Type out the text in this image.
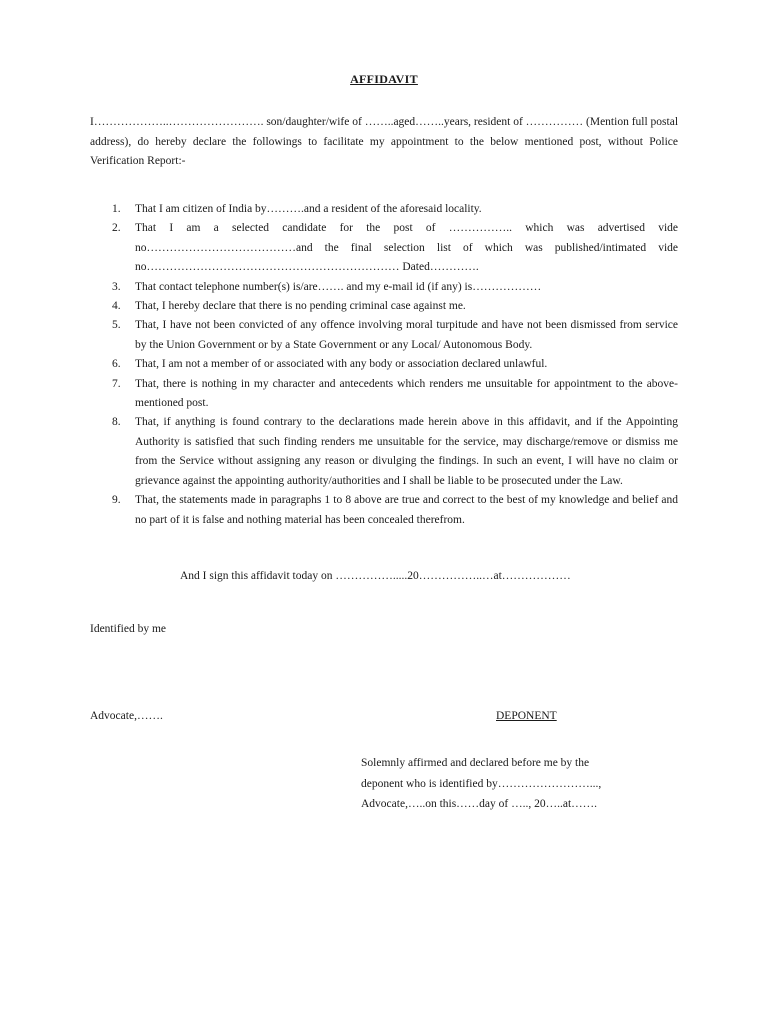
AFFIDAVIT
I………………..……………………. son/daughter/wife of ……..aged……..years, resident of …………… (Mention full postal address), do hereby declare the followings to facilitate my appointment to the below mentioned post, without Police Verification Report:-
1. That I am citizen of India by……….and a resident of the aforesaid locality.
2. That I am a selected candidate for the post of …………….. which was advertised vide no…………………………………and the final selection list of which was published/intimated vide no………………………………………………………… Dated………….
3. That contact telephone number(s) is/are……. and my e-mail id (if any) is………………
4. That, I hereby declare that there is no pending criminal case against me.
5. That, I have not been convicted of any offence involving moral turpitude and have not been dismissed from service by the Union Government or by a State Government or any Local/ Autonomous Body.
6. That, I am not a member of or associated with any body or association declared unlawful.
7. That, there is nothing in my character and antecedents which renders me unsuitable for appointment to the above-mentioned post.
8. That, if anything is found contrary to the declarations made herein above in this affidavit, and if the Appointing Authority is satisfied that such finding renders me unsuitable for the service, may discharge/remove or dismiss me from the Service without assigning any reason or divulging the findings. In such an event, I will have no claim or grievance against the appointing authority/authorities and I shall be liable to be prosecuted under the Law.
9. That, the statements made in paragraphs 1 to 8 above are true and correct to the best of my knowledge and belief and no part of it is false and nothing material has been concealed therefrom.
And I sign this affidavit today on …………….....20……………..…at………………
Identified by me
Advocate,…….	DEPONENT
Solemnly affirmed and declared before me by the
deponent who is identified by……………………...,
Advocate,…..on this……day of ….., 20…..at…….
